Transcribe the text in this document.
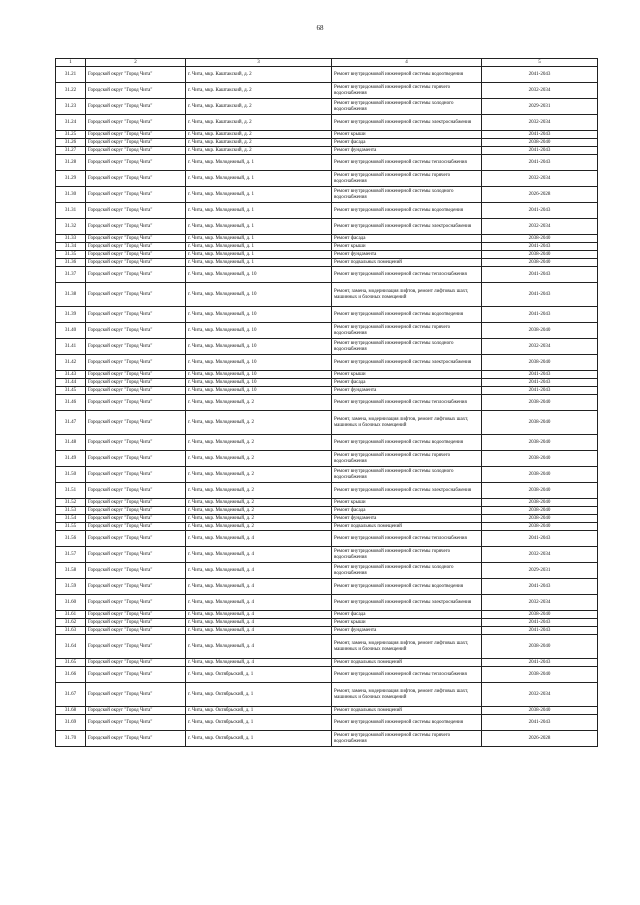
68
1	2	3	4	5
31.21	Городской округ "Город Чита"	г. Чита, мкр. Каштакский, д. 2	Ремонт внутридомовой инженерной системы водоотведения	2041-2043
31.22	Городской округ "Город Чита"	г. Чита, мкр. Каштакский, д. 2	Ремонт внутридомовой инженерной системы горячего водоснабжения	2032-2034
31.23	Городской округ "Город Чита"	г. Чита, мкр. Каштакский, д. 2	Ремонт внутридомовой инженерной системы холодного водоснабжения	2029-2031
31.24	Городской округ "Город Чита"	г. Чита, мкр. Каштакский, д. 2	Ремонт внутридомовой инженерной системы электроснабжения	2032-2034
31.25	Городской округ "Город Чита"	г. Чита, мкр. Каштакский, д. 2	Ремонт крыши	2041-2043
31.26	Городской округ "Город Чита"	г. Чита, мкр. Каштакский, д. 2	Ремонт фасада	2038-2040
31.27	Городской округ "Город Чита"	г. Чита, мкр. Каштакский, д. 2	Ремонт фундамента	2041-2043
31.28	Городской округ "Город Чита"	г. Чита, мкр. Молодежный, д. 1	Ремонт внутридомовой инженерной системы теплоснабжения	2041-2043
31.29	Городской округ "Город Чита"	г. Чита, мкр. Молодежный, д. 1	Ремонт внутридомовой инженерной системы горячего водоснабжения	2032-2034
31.30	Городской округ "Город Чита"	г. Чита, мкр. Молодежный, д. 1	Ремонт внутридомовой инженерной системы холодного водоснабжения	2026-2028
31.31	Городской округ "Город Чита"	г. Чита, мкр. Молодежный, д. 1	Ремонт внутридомовой инженерной системы водоотведения	2041-2043
31.32	Городской округ "Город Чита"	г. Чита, мкр. Молодежный, д. 1	Ремонт внутридомовой инженерной системы электроснабжения	2032-2034
31.33	Городской округ "Город Чита"	г. Чита, мкр. Молодежный, д. 1	Ремонт фасада	2038-2040
31.34	Городской округ "Город Чита"	г. Чита, мкр. Молодежный, д. 1	Ремонт крыши	2041-2043
31.35	Городской округ "Город Чита"	г. Чита, мкр. Молодежный, д. 1	Ремонт фундамента	2038-2040
31.36	Городской округ "Город Чита"	г. Чита, мкр. Молодежный, д. 1	Ремонт подвальных помещений	2038-2040
31.37	Городской округ "Город Чита"	г. Чита, мкр. Молодежный, д. 10	Ремонт внутридомовой инженерной системы теплоснабжения	2041-2043
31.38	Городской округ "Город Чита"	г. Чита, мкр. Молодежный, д. 10	Ремонт, замена, модернизация лифтов, ремонт лифтовых шахт, машинных и блочных помещений	2041-2043
31.39	Городской округ "Город Чита"	г. Чита, мкр. Молодежный, д. 10	Ремонт внутридомовой инженерной системы водоотведения	2041-2043
31.40	Городской округ "Город Чита"	г. Чита, мкр. Молодежный, д. 10	Ремонт внутридомовой инженерной системы горячего водоснабжения	2038-2040
31.41	Городской округ "Город Чита"	г. Чита, мкр. Молодежный, д. 10	Ремонт внутридомовой инженерной системы холодного водоснабжения	2032-2034
31.42	Городской округ "Город Чита"	г. Чита, мкр. Молодежный, д. 10	Ремонт внутридомовой инженерной системы электроснабжения	2038-2040
31.43	Городской округ "Город Чита"	г. Чита, мкр. Молодежный, д. 10	Ремонт крыши	2041-2043
31.44	Городской округ "Город Чита"	г. Чита, мкр. Молодежный, д. 10	Ремонт фасада	2041-2043
31.45	Городской округ "Город Чита"	г. Чита, мкр. Молодежный, д. 10	Ремонт фундамента	2041-2043
31.46	Городской округ "Город Чита"	г. Чита, мкр. Молодежный, д. 2	Ремонт внутридомовой инженерной системы теплоснабжения	2038-2040
31.47	Городской округ "Город Чита"	г. Чита, мкр. Молодежный, д. 2	Ремонт, замена, модернизация лифтов, ремонт лифтовых шахт, машинных и блочных помещений	2038-2040
31.48	Городской округ "Город Чита"	г. Чита, мкр. Молодежный, д. 2	Ремонт внутридомовой инженерной системы водоотведения	2038-2040
31.49	Городской округ "Город Чита"	г. Чита, мкр. Молодежный, д. 2	Ремонт внутридомовой инженерной системы горячего водоснабжения	2038-2040
31.50	Городской округ "Город Чита"	г. Чита, мкр. Молодежный, д. 2	Ремонт внутридомовой инженерной системы холодного водоснабжения	2038-2040
31.51	Городской округ "Город Чита"	г. Чита, мкр. Молодежный, д. 2	Ремонт внутридомовой инженерной системы электроснабжения	2038-2040
31.52	Городской округ "Город Чита"	г. Чита, мкр. Молодежный, д. 2	Ремонт крыши	2038-2040
31.53	Городской округ "Город Чита"	г. Чита, мкр. Молодежный, д. 2	Ремонт фасада	2038-2040
31.54	Городской округ "Город Чита"	г. Чита, мкр. Молодежный, д. 2	Ремонт фундамента	2038-2040
31.55	Городской округ "Город Чита"	г. Чита, мкр. Молодежный, д. 2	Ремонт подвальных помещений	2038-2040
31.56	Городской округ "Город Чита"	г. Чита, мкр. Молодежный, д. 4	Ремонт внутридомовой инженерной системы теплоснабжения	2041-2043
31.57	Городской округ "Город Чита"	г. Чита, мкр. Молодежный, д. 4	Ремонт внутридомовой инженерной системы горячего водоснабжения	2032-2034
31.58	Городской округ "Город Чита"	г. Чита, мкр. Молодежный, д. 4	Ремонт внутридомовой инженерной системы холодного водоснабжения	2029-2031
31.59	Городской округ "Город Чита"	г. Чита, мкр. Молодежный, д. 4	Ремонт внутридомовой инженерной системы водоотведения	2041-2043
31.60	Городской округ "Город Чита"	г. Чита, мкр. Молодежный, д. 4	Ремонт внутридомовой инженерной системы электроснабжения	2032-2034
31.61	Городской округ "Город Чита"	г. Чита, мкр. Молодежный, д. 4	Ремонт фасада	2038-2040
31.62	Городской округ "Город Чита"	г. Чита, мкр. Молодежный, д. 4	Ремонт крыши	2041-2043
31.63	Городской округ "Город Чита"	г. Чита, мкр. Молодежный, д. 4	Ремонт фундамента	2041-2043
31.64	Городской округ "Город Чита"	г. Чита, мкр. Молодежный, д. 4	Ремонт, замена, модернизация лифтов, ремонт лифтовых шахт, машинных и блочных помещений	2038-2040
31.65	Городской округ "Город Чита"	г. Чита, мкр. Молодежный, д. 4	Ремонт подвальных помещений	2041-2043
31.66	Городской округ "Город Чита"	г. Чита, мкр. Октябрьский, д. 1	Ремонт внутридомовой инженерной системы теплоснабжения	2038-2040
31.67	Городской округ "Город Чита"	г. Чита, мкр. Октябрьский, д. 1	Ремонт, замена, модернизация лифтов, ремонт лифтовых шахт, машинных и блочных помещений	2032-2034
31.68	Городской округ "Город Чита"	г. Чита, мкр. Октябрьский, д. 1	Ремонт подвальных помещений	2038-2040
31.69	Городской округ "Город Чита"	г. Чита, мкр. Октябрьский, д. 1	Ремонт внутридомовой инженерной системы водоотведения	2041-2043
31.70	Городской округ "Город Чита"	г. Чита, мкр. Октябрьский, д. 1	Ремонт внутридомовой инженерной системы горячего водоснабжения	2026-2028
